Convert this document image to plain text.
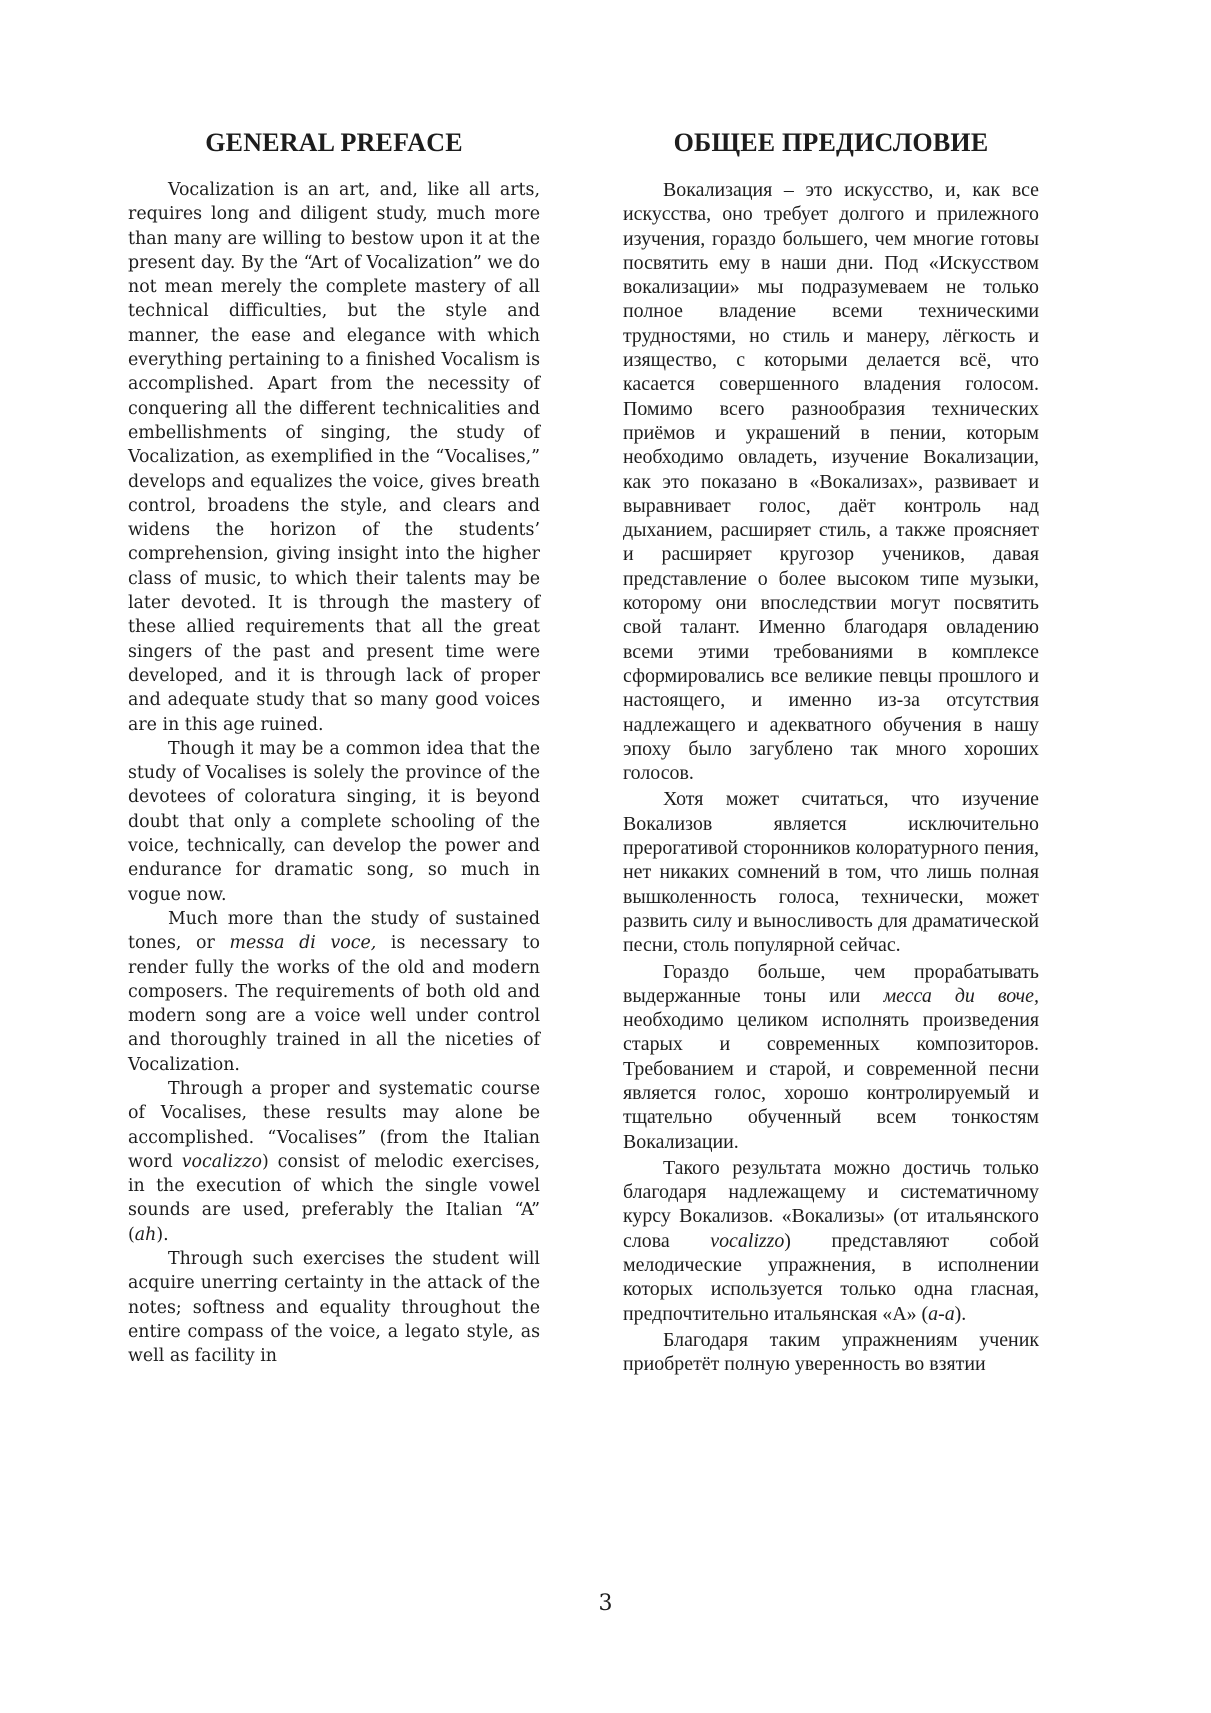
GENERAL PREFACE

Vocalization is an art, and, like all arts, requires long and diligent study, much more than many are willing to bestow upon it at the present day. By the “Art of Vocalization” we do not mean merely the complete mastery of all technical difficulties, but the style and manner, the ease and elegance with which everything pertaining to a finished Vocalism is accomplished. Apart from the necessity of conquering all the different technicalities and embellishments of singing, the study of Vocalization, as exemplified in the “Vocalises,” develops and equalizes the voice, gives breath control, broadens the style, and clears and widens the horizon of the students’ comprehension, giving insight into the higher class of music, to which their talents may be later devoted. It is through the mastery of these allied requirements that all the great singers of the past and present time were developed, and it is through lack of proper and adequate study that so many good voices are in this age ruined.

Though it may be a common idea that the study of Vocalises is solely the province of the devotees of coloratura singing, it is beyond doubt that only a complete schooling of the voice, technically, can develop the power and endurance for dramatic song, so much in vogue now.

Much more than the study of sustained tones, or messa di voce, is necessary to render fully the works of the old and modern composers. The requirements of both old and modern song are a voice well under control and thoroughly trained in all the niceties of Vocalization.

Through a proper and systematic course of Vocalises, these results may alone be accomplished. “Vocalises” (from the Italian word vocalizzo) consist of melodic exercises, in the execution of which the single vowel sounds are used, preferably the Italian “A” (ah).

Through such exercises the student will acquire unerring certainty in the attack of the notes; softness and equality throughout the entire compass of the voice, a legato style, as well as facility in

ОБЩЕЕ ПРЕДИСЛОВИЕ

Вокализация – это искусство, и, как все искусства, оно требует долгого и прилежного изучения, гораздо большего, чем многие готовы посвятить ему в наши дни. Под «Искусством вокализации» мы подразумеваем не только полное владение всеми техническими трудностями, но стиль и манеру, лёгкость и изящество, с которыми делается всё, что касается совершенного владения голосом. Помимо всего разнообразия технических приёмов и украшений в пении, которым необходимо овладеть, изучение Вокализации, как это показано в «Вокализах», развивает и выравнивает голос, даёт контроль над дыханием, расширяет стиль, а также проясняет и расширяет кругозор учеников, давая представление о более высоком типе музыки, которому они впоследствии могут посвятить свой талант. Именно благодаря овладению всеми этими требованиями в комплексе сформировались все великие певцы прошлого и настоящего, и именно из-за отсутствия надлежащего и адекватного обучения в нашу эпоху было загублено так много хороших голосов.

Хотя может считаться, что изучение Вокализов является исключительно прерогативой сторонников колоратурного пения, нет никаких сомнений в том, что лишь полная вышколенность голоса, технически, может развить силу и выносливость для драматической песни, столь популярной сейчас.

Гораздо больше, чем прорабатывать выдержанные тоны или месса ди воче, необходимо целиком исполнять произведения старых и современных композиторов. Требованием и старой, и современной песни является голос, хорошо контролируемый и тщательно обученный всем тонкостям Вокализации.

Такого результата можно достичь только благодаря надлежащему и систематичному курсу Вокализов. «Вокализы» (от итальянского слова vocalizzo) представляют собой мелодические упражнения, в исполнении которых используется только одна гласная, предпочтительно итальянская «А» (а-а).

Благодаря таким упражнениям ученик приобретёт полную уверенность во взятии

3
